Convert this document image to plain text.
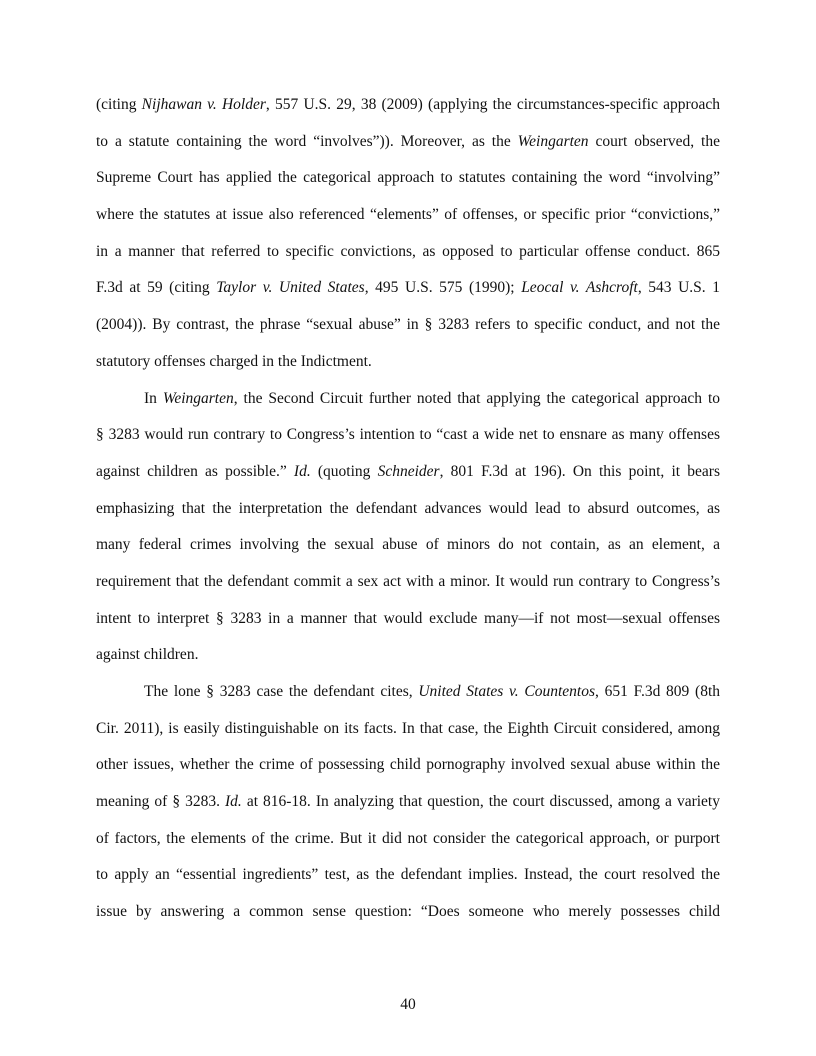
(citing Nijhawan v. Holder, 557 U.S. 29, 38 (2009) (applying the circumstances-specific approach
to a statute containing the word “involves”)). Moreover, as the Weingarten court observed, the
Supreme Court has applied the categorical approach to statutes containing the word “involving”
where the statutes at issue also referenced “elements” of offenses, or specific prior “convictions,”
in a manner that referred to specific convictions, as opposed to particular offense conduct. 865
F.3d at 59 (citing Taylor v. United States, 495 U.S. 575 (1990); Leocal v. Ashcroft, 543 U.S. 1
(2004)). By contrast, the phrase “sexual abuse” in § 3283 refers to specific conduct, and not the
statutory offenses charged in the Indictment.
In Weingarten, the Second Circuit further noted that applying the categorical approach to
§ 3283 would run contrary to Congress’s intention to “cast a wide net to ensnare as many offenses
against children as possible.” Id. (quoting Schneider, 801 F.3d at 196). On this point, it bears
emphasizing that the interpretation the defendant advances would lead to absurd outcomes, as
many federal crimes involving the sexual abuse of minors do not contain, as an element, a
requirement that the defendant commit a sex act with a minor. It would run contrary to Congress’s
intent to interpret § 3283 in a manner that would exclude many—if not most—sexual offenses
against children.
The lone § 3283 case the defendant cites, United States v. Countentos, 651 F.3d 809 (8th
Cir. 2011), is easily distinguishable on its facts. In that case, the Eighth Circuit considered, among
other issues, whether the crime of possessing child pornography involved sexual abuse within the
meaning of § 3283. Id. at 816-18. In analyzing that question, the court discussed, among a variety
of factors, the elements of the crime. But it did not consider the categorical approach, or purport
to apply an “essential ingredients” test, as the defendant implies. Instead, the court resolved the
issue by answering a common sense question: “Does someone who merely possesses child
40
